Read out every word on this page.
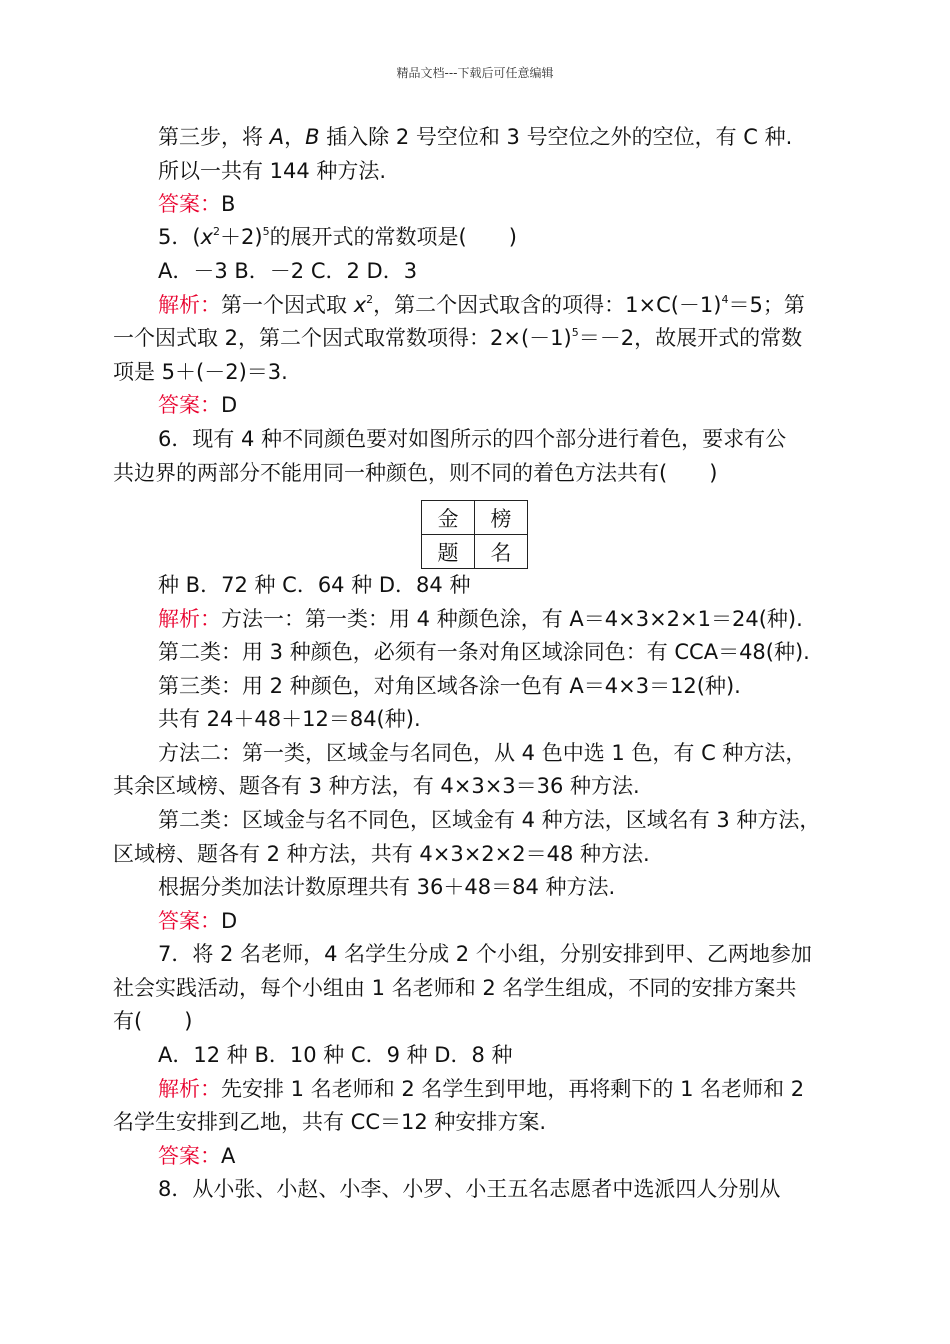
精品文档---下载后可任意编辑
第三步，将 A，B 插入除 2 号空位和 3 号空位之外的空位，有 C 种.
所以一共有 144 种方法.
答案：B
5．$(x^2+2)^5$的展开式的常数项是(　　)
A．－3 B．－2 C．2 D．3
解析：第一个因式取 $x^2$，第二个因式取含的项得：$1\times C(-1)^4=5$；第
一个因式取 2，第二个因式取常数项得：$2\times(-1)^5=-2$，故展开式的常数
项是 5＋(－2)＝3.
答案：D
6．现有 4 种不同颜色要对如图所示的四个部分进行着色，要求有公
共边界的两部分不能用同一种颜色，则不同的着色方法共有(　　)
种 B．72 种 C．64 种 D．84 种
解析：方法一：第一类：用 4 种颜色涂，有 A＝4×3×2×1＝24(种).
第二类：用 3 种颜色，必须有一条对角区域涂同色：有 CCA＝48(种).
第三类：用 2 种颜色，对角区域各涂一色有 A＝4×3＝12(种).
共有 24＋48＋12＝84(种).
方法二：第一类，区域金与名同色，从 4 色中选 1 色，有 C 种方法，
其余区域榜、题各有 3 种方法，有 4×3×3＝36 种方法.
第二类：区域金与名不同色，区域金有 4 种方法，区域名有 3 种方法，
区域榜、题各有 2 种方法，共有 4×3×2×2＝48 种方法.
根据分类加法计数原理共有 36＋48＝84 种方法.
答案：D
7．将 2 名老师，4 名学生分成 2 个小组，分别安排到甲、乙两地参加
社会实践活动，每个小组由 1 名老师和 2 名学生组成，不同的安排方案共
有(　　)
A．12 种 B．10 种 C．9 种 D．8 种
解析：先安排 1 名老师和 2 名学生到甲地，再将剩下的 1 名老师和 2
名学生安排到乙地，共有 CC＝12 种安排方案.
答案：A
8．从小张、小赵、小李、小罗、小王五名志愿者中选派四人分别从
金	榜
题	名
